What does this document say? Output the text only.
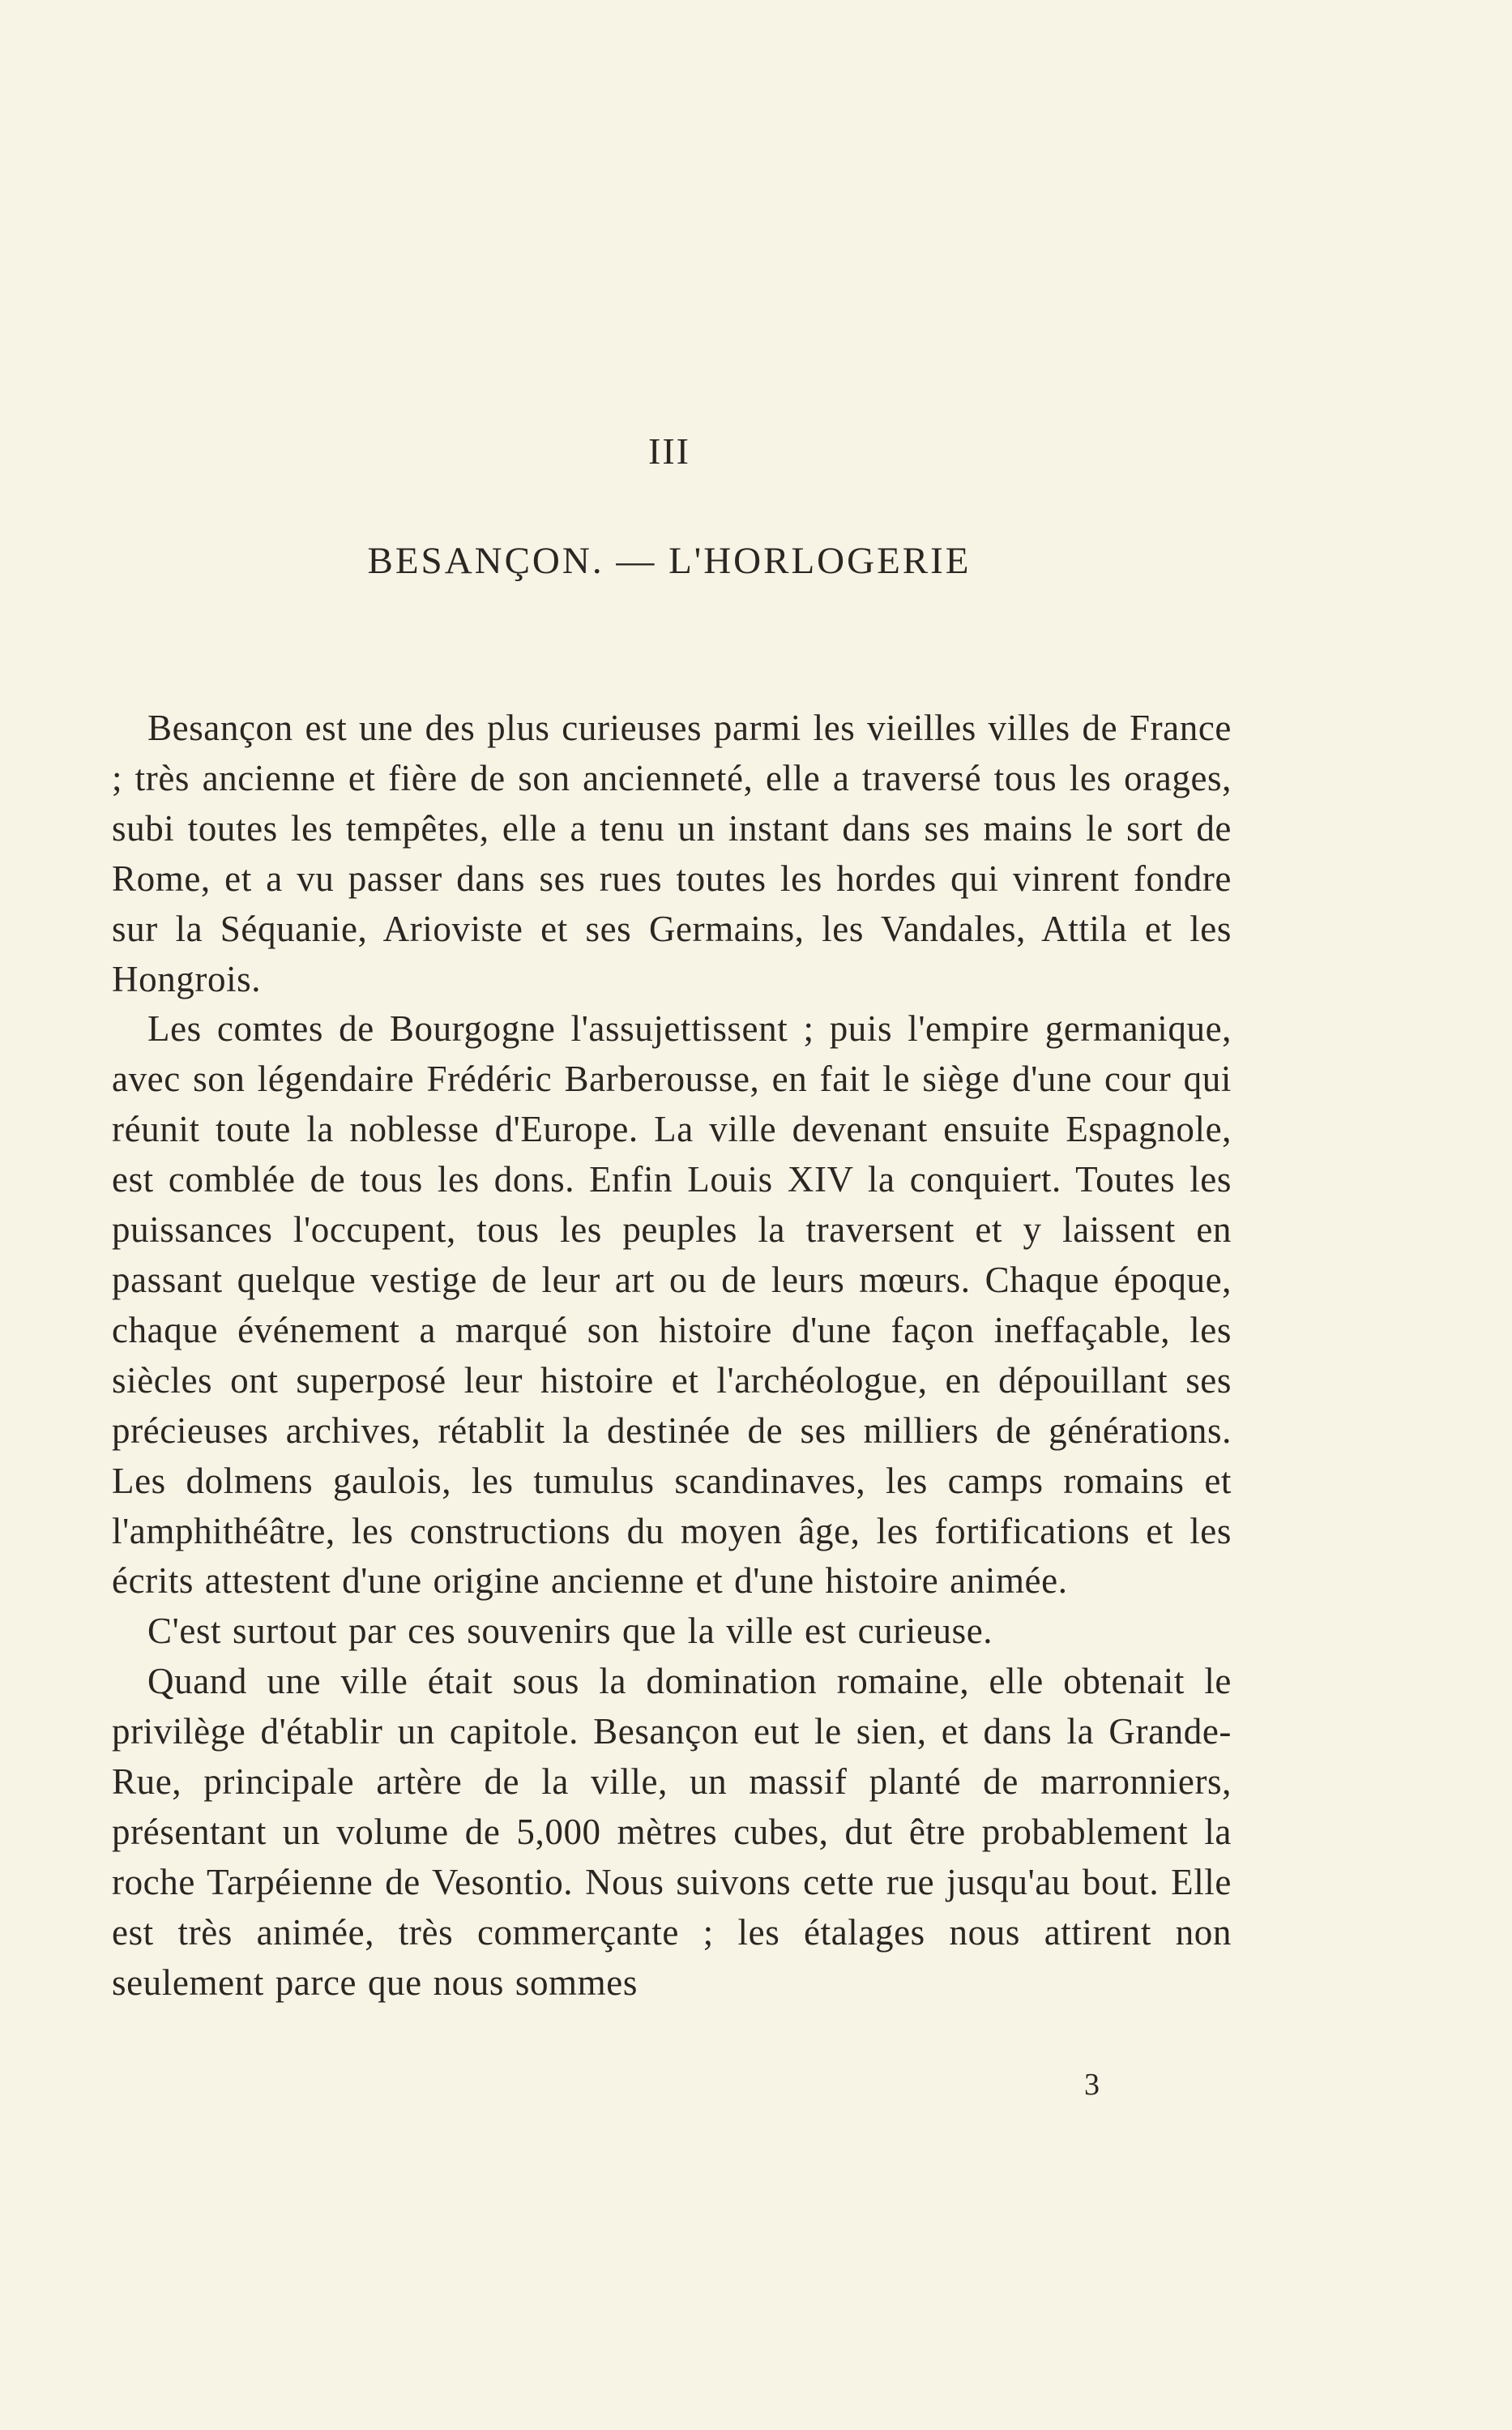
III
BESANÇON. — L'HORLOGERIE

Besançon est une des plus curieuses parmi les vieilles villes de France ; très ancienne et fière de son ancienneté, elle a traversé tous les orages, subi toutes les tempêtes, elle a tenu un instant dans ses mains le sort de Rome, et a vu passer dans ses rues toutes les hordes qui vinrent fondre sur la Séquanie, Arioviste et ses Germains, les Vandales, Attila et les Hongrois.

Les comtes de Bourgogne l'assujettissent ; puis l'empire germanique, avec son légendaire Frédéric Barberousse, en fait le siège d'une cour qui réunit toute la noblesse d'Europe. La ville devenant ensuite Espagnole, est comblée de tous les dons. Enfin Louis XIV la conquiert. Toutes les puissances l'occupent, tous les peuples la traversent et y laissent en passant quelque vestige de leur art ou de leurs mœurs. Chaque époque, chaque événement a marqué son histoire d'une façon ineffaçable, les siècles ont superposé leur histoire et l'archéologue, en dépouillant ses précieuses archives, rétablit la destinée de ses milliers de générations. Les dolmens gaulois, les tumulus scandinaves, les camps romains et l'amphithéâtre, les constructions du moyen âge, les fortifications et les écrits attestent d'une origine ancienne et d'une histoire animée.

C'est surtout par ces souvenirs que la ville est curieuse.

Quand une ville était sous la domination romaine, elle obtenait le privilège d'établir un capitole. Besançon eut le sien, et dans la Grande-Rue, principale artère de la ville, un massif planté de marronniers, présentant un volume de 5,000 mètres cubes, dut être probablement la roche Tarpéienne de Vesontio. Nous suivons cette rue jusqu'au bout. Elle est très animée, très commerçante ; les étalages nous attirent non seulement parce que nous sommes

3
